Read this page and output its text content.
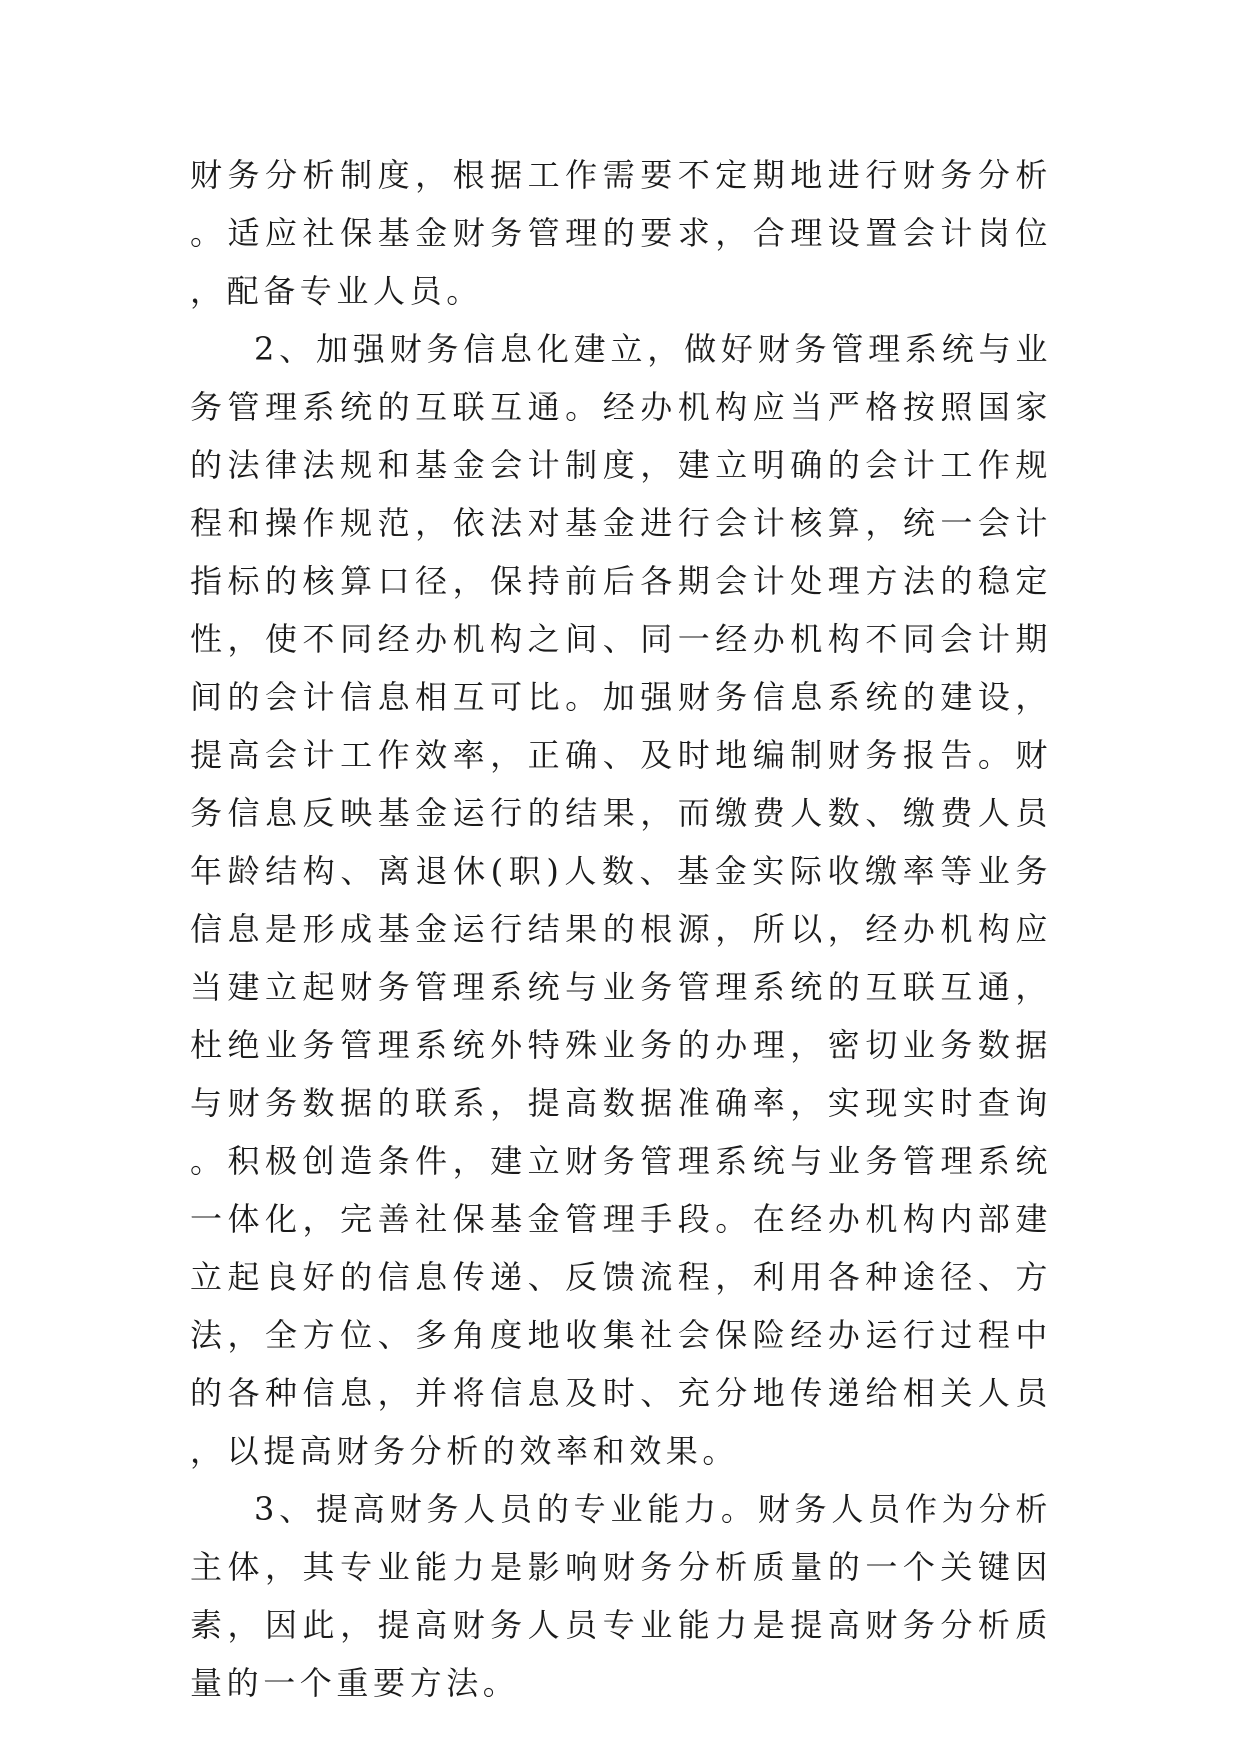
财务分析制度，根据工作需要不定期地进行财务分析。适应社保基金财务管理的要求，合理设置会计岗位，配备专业人员。

2、加强财务信息化建立，做好财务管理系统与业务管理系统的互联互通。经办机构应当严格按照国家的法律法规和基金会计制度，建立明确的会计工作规程和操作规范，依法对基金进行会计核算，统一会计指标的核算口径，保持前后各期会计处理方法的稳定性，使不同经办机构之间、同一经办机构不同会计期间的会计信息相互可比。加强财务信息系统的建设，提高会计工作效率，正确、及时地编制财务报告。财务信息反映基金运行的结果，而缴费人数、缴费人员年龄结构、离退休(职)人数、基金实际收缴率等业务信息是形成基金运行结果的根源，所以，经办机构应当建立起财务管理系统与业务管理系统的互联互通，杜绝业务管理系统外特殊业务的办理，密切业务数据与财务数据的联系，提高数据准确率，实现实时查询。积极创造条件，建立财务管理系统与业务管理系统一体化，完善社保基金管理手段。在经办机构内部建立起良好的信息传递、反馈流程，利用各种途径、方法，全方位、多角度地收集社会保险经办运行过程中的各种信息，并将信息及时、充分地传递给相关人员，以提高财务分析的效率和效果。

3、提高财务人员的专业能力。财务人员作为分析主体，其专业能力是影响财务分析质量的一个关键因素，因此，提高财务人员专业能力是提高财务分析质量的一个重要方法。
